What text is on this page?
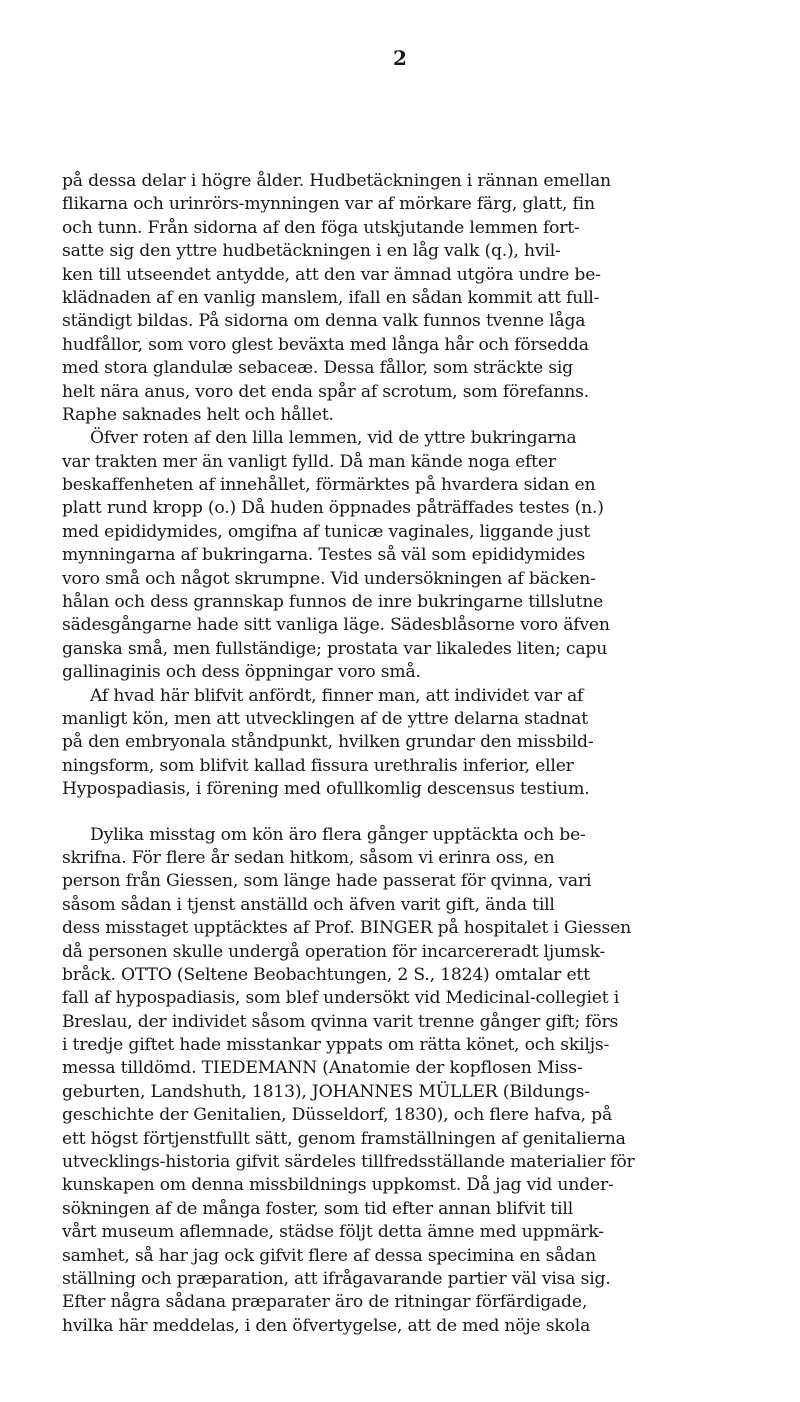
2
på dessa delar i högre ålder. Hudbetäckningen i rännan emellan
flikarna och urinrörs-mynningen var af mörkare färg, glatt, fin
och tunn. Från sidorna af den föga utskjutande lemmen fort-
satte sig den yttre hudbetäckningen i en låg valk (q.), hvil-
ken till utseendet antydde, att den var ämnad utgöra undre be-
klädnaden af en vanlig manslem, ifall en sådan kommit att full-
ständigt bildas. På sidorna om denna valk funnos tvenne låga
hudfållor, som voro glest beväxta med långa hår och försedda
med stora glandulæ sebaceæ. Dessa fållor, som sträckte sig
helt nära anus, voro det enda spår af scrotum, som förefanns.
Raphe saknades helt och hållet.
Öfver roten af den lilla lemmen, vid de yttre bukringarna
var trakten mer än vanligt fylld. Då man kände noga efter
beskaffenheten af innehållet, förmärktes på hvardera sidan en
platt rund kropp (o.) Då huden öppnades påträffades testes (n.)
med epididymides, omgifna af tunicæ vaginales, liggande just
mynningarna af bukringarna. Testes så väl som epididymides
voro små och något skrumpne. Vid undersökningen af bäcken-
hålan och dess grannskap funnos de inre bukringarne tillslutne
sädesgångarne hade sitt vanliga läge. Sädesblåsorne voro äfven
ganska små, men fullständige; prostata var likaledes liten; capu
gallinaginis och dess öppningar voro små.
Af hvad här blifvit anfördt, finner man, att individet var af
manligt kön, men att utvecklingen af de yttre delarna stadnat
på den embryonala ståndpunkt, hvilken grundar den missbild-
ningsform, som blifvit kallad fissura urethralis inferior, eller
Hypospadiasis, i förening med ofullkomlig descensus testium.
Dylika misstag om kön äro flera gånger upptäckta och be-
skrifna. För flere år sedan hitkom, såsom vi erinra oss, en
person från Giessen, som länge hade passerat för qvinna, vari
såsom sådan i tjenst anställd och äfven varit gift, ända till
dess misstaget upptäcktes af Prof. BINGER på hospitalet i Giessen
då personen skulle undergå operation för incarcereradt ljumsk-
bråck. OTTO (Seltene Beobachtungen, 2 S., 1824) omtalar ett
fall af hypospadiasis, som blef undersökt vid Medicinal-collegiet i
Breslau, der individet såsom qvinna varit trenne gånger gift; förs
i tredje giftet hade misstankar yppats om rätta könet, och skiljs-
messa tilldömd. TIEDEMANN (Anatomie der kopflosen Miss-
geburten, Landshuth, 1813), JOHANNES MÜLLER (Bildungs-
geschichte der Genitalien, Düsseldorf, 1830), och flere hafva, på
ett högst förtjenstfullt sätt, genom framställningen af genitalierna
utvecklings-historia gifvit särdeles tillfredsställande materialier för
kunskapen om denna missbildnings uppkomst. Då jag vid under-
sökningen af de många foster, som tid efter annan blifvit till
vårt museum aflemnade, städse följt detta ämne med uppmärk-
samhet, så har jag ock gifvit flere af dessa specimina en sådan
ställning och præparation, att ifrågavarande partier väl visa sig.
Efter några sådana præparater äro de ritningar förfärdigade,
hvilka här meddelas, i den öfvertygelse, att de med nöje skola
